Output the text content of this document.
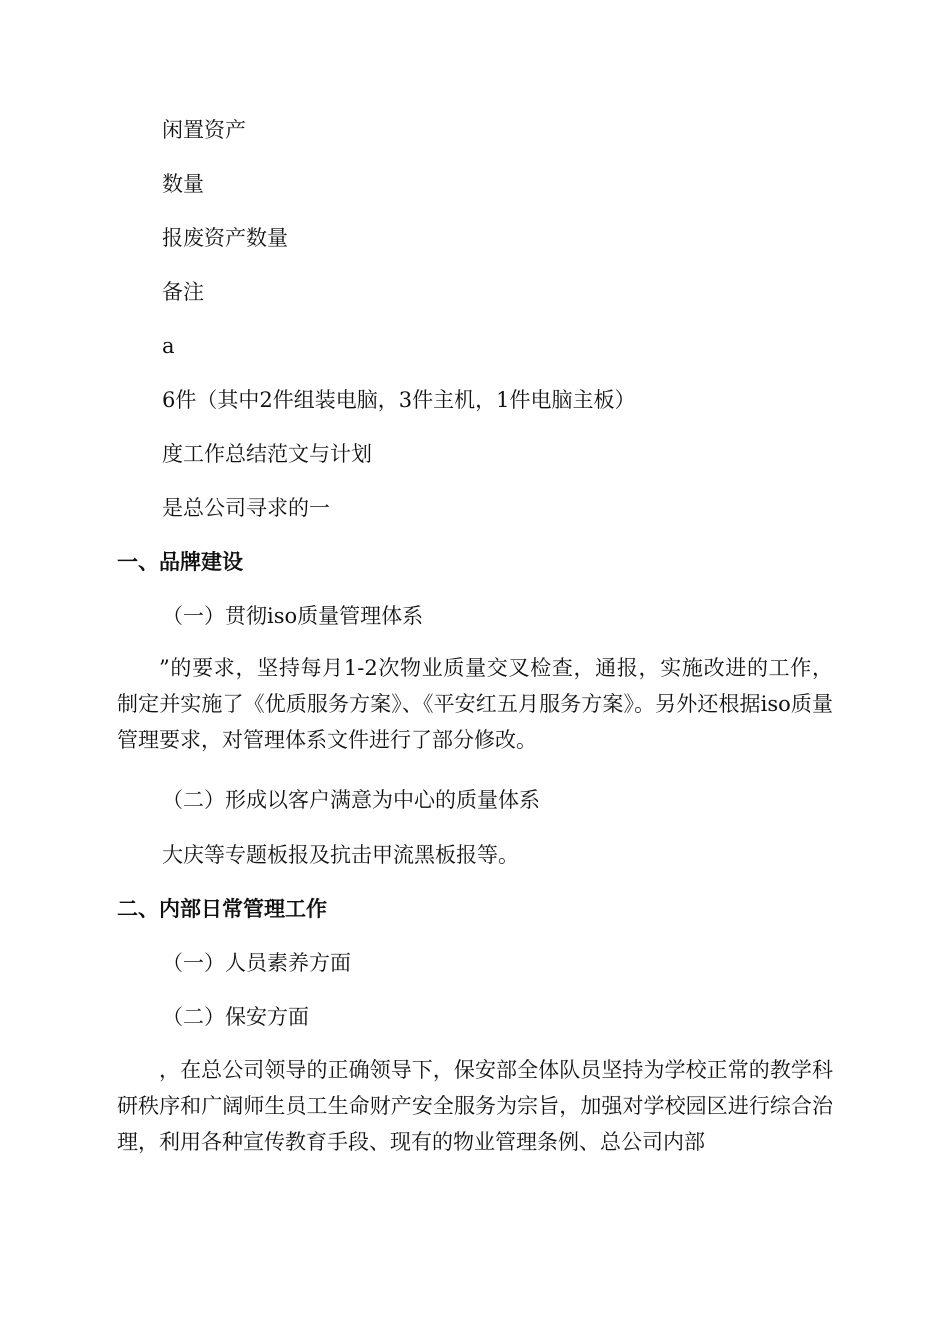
闲置资产
数量
报废资产数量
备注
a
6件（其中2件组装电脑，3件主机，1件电脑主板）
度工作总结范文与计划
是总公司寻求的一
一、品牌建设
（一）贯彻iso质量管理体系
”的要求，坚持每月1-2次物业质量交叉检查，通报，实施改进的工作，制定并实施了《优质服务方案》、《平安红五月服务方案》。另外还根据iso质量管理要求，对管理体系文件进行了部分修改。
（二）形成以客户满意为中心的质量体系
大庆等专题板报及抗击甲流黑板报等。
二、内部日常管理工作
（一）人员素养方面
（二）保安方面
，在总公司领导的正确领导下，保安部全体队员坚持为学校正常的教学科研秩序和广阔师生员工生命财产安全服务为宗旨，加强对学校园区进行综合治理，利用各种宣传教育手段、现有的物业管理条例、总公司内部
